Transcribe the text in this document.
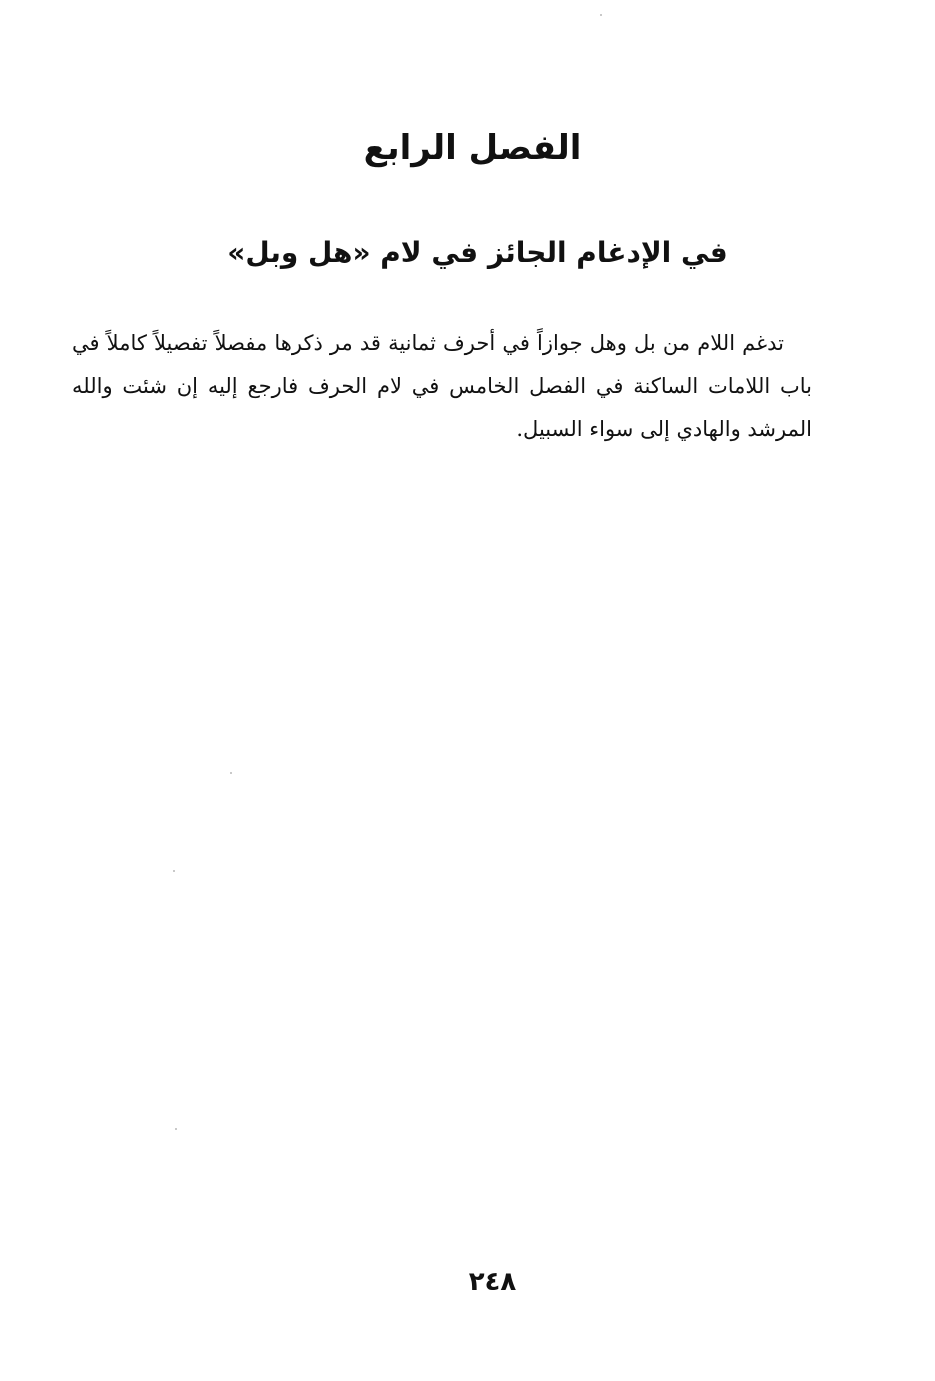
الفصل الرابع
في الإدغام الجائز في لام «هل وبل»

تدغم اللام من بل وهل جوازاً في أحرف ثمانية قد مر ذكرها مفصلاً تفصيلاً كاملاً في باب اللامات الساكنة في الفصل الخامس في لام الحرف فارجع إليه إن شئت والله المرشد والهادي إلى سواء السبيل.

٢٤٨
